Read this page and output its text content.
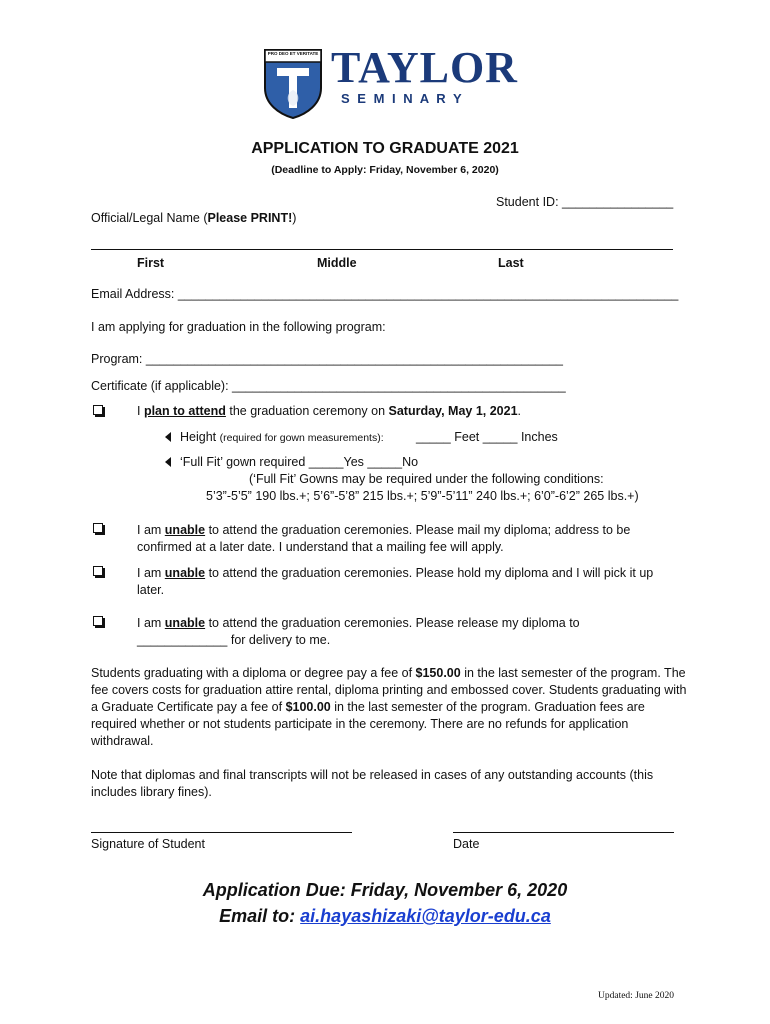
PRO DEO ET VERITATE TAYLOR
S E M I N A R Y
APPLICATION TO GRADUATE 2021
(Deadline to Apply: Friday, November 6, 2020)
Student ID: ________________
Official/Legal Name (Please PRINT!)
First	Middle	Last
Email Address: ________________________________________________________________________
I am applying for graduation in the following program:
Program: ____________________________________________________________
Certificate (if applicable): ________________________________________________
I plan to attend the graduation ceremony on Saturday, May 1, 2021.
Height (required for gown measurements):	_____ Feet _____ Inches
‘Full Fit’ gown required _____Yes _____No
(‘Full Fit’ Gowns may be required under the following conditions:
5’3”-5’5” 190 lbs.+; 5’6”-5’8” 215 lbs.+; 5’9”-5’11” 240 lbs.+; 6’0”-6’2” 265 lbs.+)
I am unable to attend the graduation ceremonies. Please mail my diploma; address to be
confirmed at a later date. I understand that a mailing fee will apply.
I am unable to attend the graduation ceremonies. Please hold my diploma and I will pick it up
later.
I am unable to attend the graduation ceremonies. Please release my diploma to
_____________ for delivery to me.
Students graduating with a diploma or degree pay a fee of $150.00 in the last semester of the program. The fee covers costs for graduation attire rental, diploma printing and embossed cover. Students graduating with a Graduate Certificate pay a fee of $100.00 in the last semester of the program. Graduation fees are required whether or not students participate in the ceremony. There are no refunds for application withdrawal.
Note that diplomas and final transcripts will not be released in cases of any outstanding accounts (this includes library fines).
Signature of Student	Date
Application Due: Friday, November 6, 2020
Email to: ai.hayashizaki@taylor-edu.ca
Updated: June 2020
